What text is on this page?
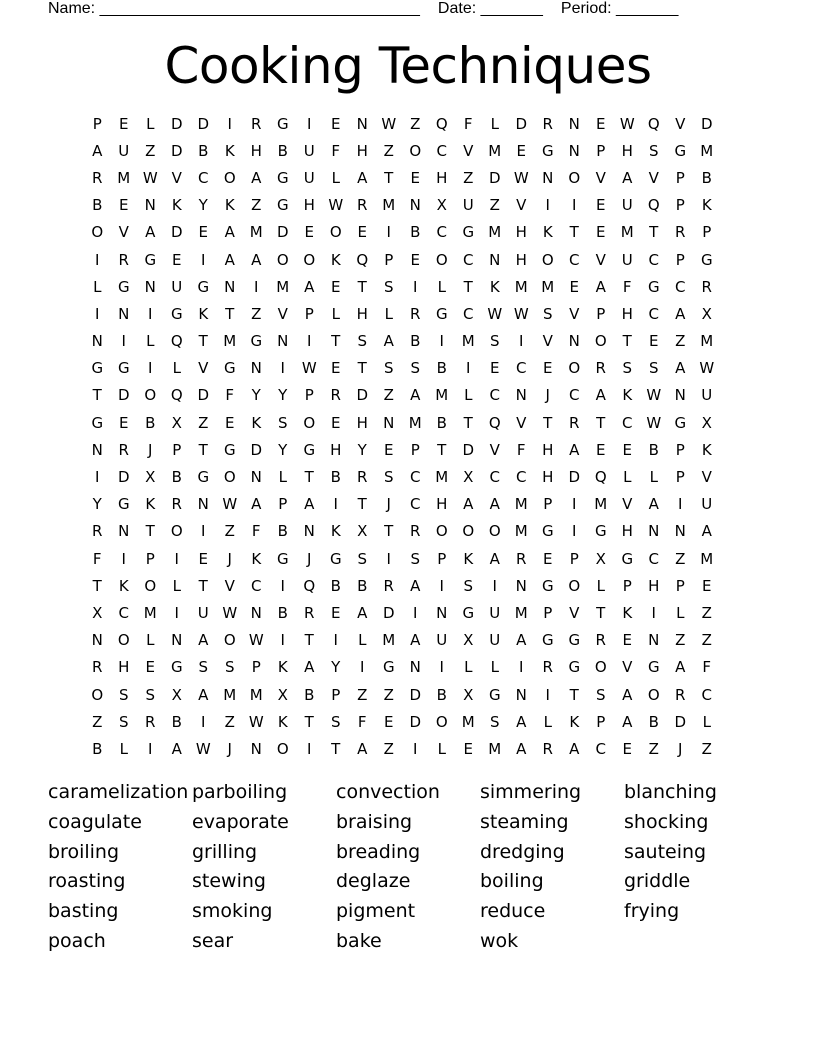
Name: ____________________________________ Date: _______ Period: _______
Cooking Techniques
P	E	L	D D	I	R	G	I	E	N W Z	Q	F	L	D	R	N	E W Q	V	D
A	U	Z	D	B	K	H	B	U	F	H	Z	O	C	V M	E	G	N	P	H	S	G M
R M W V	C	O	A	G	U	L	A	T	E	H	Z	D W N O	V	A	V	P	B
B	E	N	K	Y	K	Z	G	H W R M N	X	U	Z	V	I	I	E	U	Q	P	K
O	V	A	D	E	A M D	E	O	E	I	B	C	G M H	K	T	E	M	T	R	P
I	R	G	E	I	A	A	O O	K	Q	P	E	O	C	N	H O	C	V	U	C	P	G
L	G	N	U	G	N	I	M A	E	T	S	I	L	T	K	M M	E	A	F	G	C	R
I	N	I	G	K	T	Z	V	P	L	H	L	R	G	C W W S	V	P	H	C	A	X
N	I	L	Q	T	M G	N	I	T	S	A	B	I	M	S	I	V	N O	T	E	Z M
G G	I	L	V	G	N	I	W E	T	S	S	B	I	E	C	E	O	R	S	S	A W
T	D O Q D	F	Y	Y	P	R	D	Z	A M	L	C	N	J	C	A	K W N	U
G	E	B	X	Z	E	K	S	O	E	H	N M B	T	Q	V	T	R	T	C W G	X
N	R	J	P	T	G D	Y	G	H	Y	E	P	T	D	V	F	H	A	E	E	B	P	K
I	D	X	B	G O N	L	T	B	R	S	C M X	C	C	H	D Q	L	L	P	V
Y	G	K	R	N W A	P	A	I	T	J	C	H	A	A M	P	I	M V	A	I	U
R	N	T	O	I	Z	F	B	N	K	X	T	R	O O O M G	I	G	H	N	N	A
F	I	P	I	E	J	K	G	J	G	S	I	S	P	K	A	R	E	P	X	G	C	Z M
T	K	O	L	T	V	C	I	Q	B	B	R	A	I	S	I	N	G O	L	P	H	P	E
X	C M	I	U W N	B	R	E	A	D	I	N	G	U M	P	V	T	K	I	L	Z
N O	L	N	A	O W	I	T	I	L	M A	U	X	U	A	G G	R	E	N	Z	Z
R	H	E	G	S	S	P	K	A	Y	I	G	N	I	L	L	I	R	G O	V	G	A	F
O	S	S	X	A M M X	B	P	Z	Z	D	B	X	G	N	I	T	S	A	O	R	C
Z	S	R	B	I	Z W K	T	S	F	E	D O M	S	A	L	K	P	A	B	D	L
B	L	I	A W	J	N O	I	T	A	Z	I	L	E	M A	R	A	C	E	Z	J	Z
caramelization parboiling	convection	simmering	blanching
coagulate	evaporate	braising	steaming	shocking
broiling	grilling	breading	dredging	sauteing
roasting	stewing	deglaze	boiling	griddle
basting	smoking	pigment	reduce	frying
poach	sear	bake	wok
